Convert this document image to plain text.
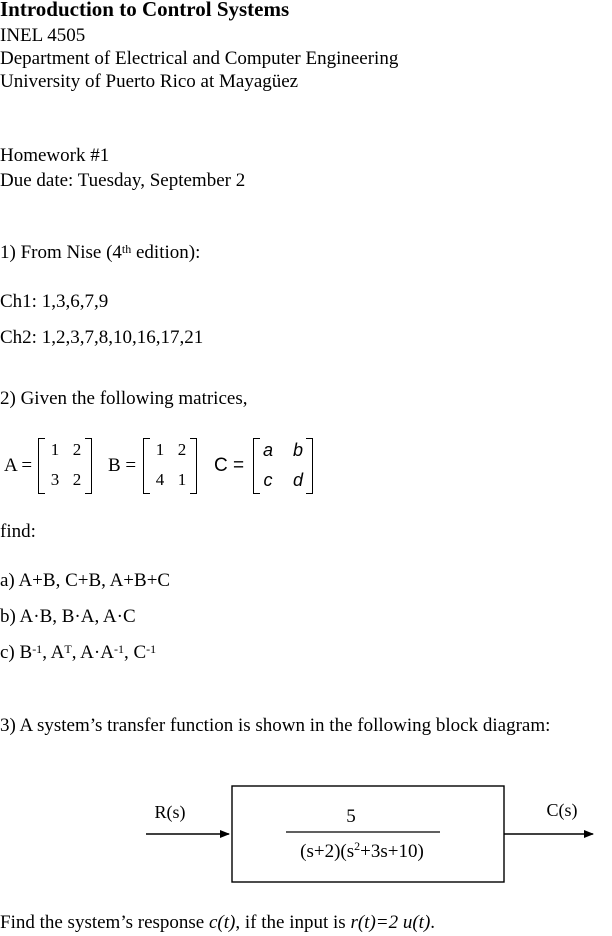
Introduction to Control Systems
INEL 4505
Department of Electrical and Computer Engineering
University of Puerto Rico at Mayagüez
Homework #1
Due date: Tuesday, September 2
1) From Nise (4th edition):
Ch1: 1,3,6,7,9
Ch2: 1,2,3,7,8,10,16,17,21
2) Given the following matrices,
A =
1 2
3 2
B =
1 2
4 1
C =
a b
c d
find:
a) A+B, C+B, A+B+C
b) A·B, B·A, A·C
c) $B^{-1}$, $A^T$, $A\cdot A^{-1}$, $C^{-1}$
3) A system’s transfer function is shown in the following block diagram:
R(s)	5
$(s+2)(s^2+3s+10)$
C(s)
Find the system’s response c(t), if the input is r(t)=2 u(t).
